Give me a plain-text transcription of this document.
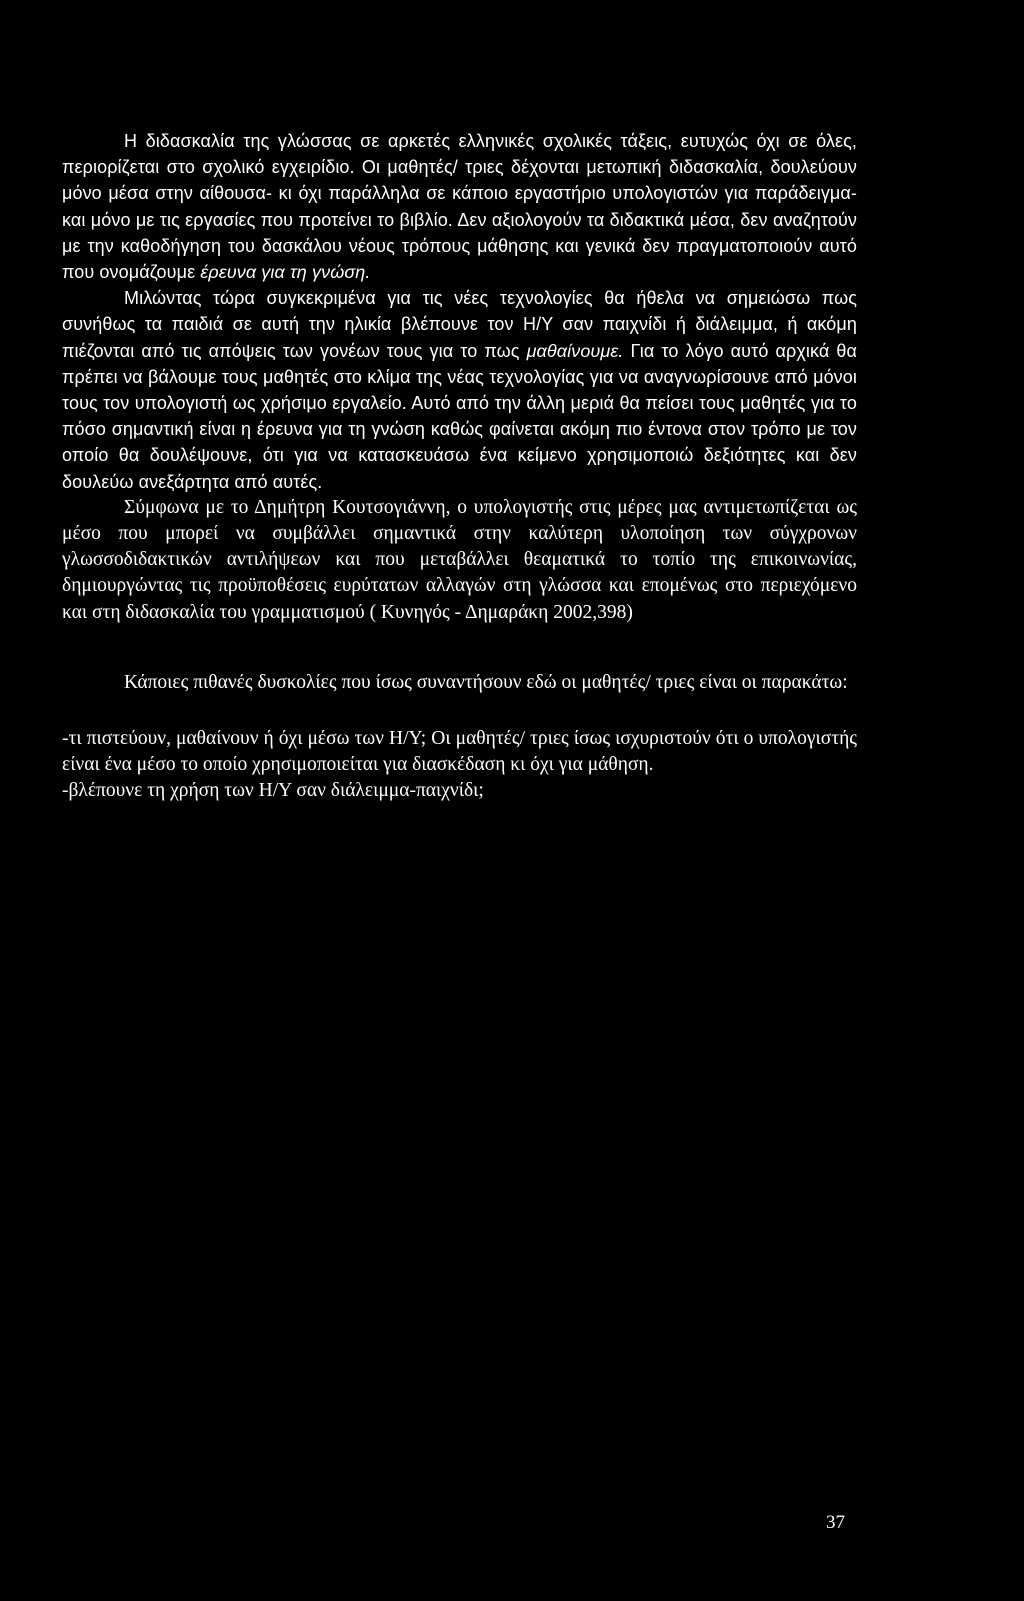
Η διδασκαλία της γλώσσας σε αρκετές ελληνικές σχολικές τάξεις, ευτυχώς όχι σε όλες, περιορίζεται στο σχολικό εγχειρίδιο. Οι μαθητές/ τριες δέχονται μετωπική διδασκαλία, δουλεύουν μόνο μέσα στην αίθουσα- κι όχι παράλληλα σε κάποιο εργαστήριο υπολογιστών για παράδειγμα- και μόνο με τις εργασίες που προτείνει το βιβλίο. Δεν αξιολογούν τα διδακτικά μέσα, δεν αναζητούν με την καθοδήγηση του δασκάλου νέους τρόπους μάθησης και γενικά δεν πραγματοποιούν αυτό που ονομάζουμε έρευνα για τη γνώση.

Μιλώντας τώρα συγκεκριμένα για τις νέες τεχνολογίες θα ήθελα να σημειώσω πως συνήθως τα παιδιά σε αυτή την ηλικία βλέπουνε τον Η/Υ σαν παιχνίδι ή διάλειμμα, ή ακόμη πιέζονται από τις απόψεις των γονέων τους για το πως μαθαίνουμε. Για το λόγο αυτό αρχικά θα πρέπει να βάλουμε τους μαθητές στο κλίμα της νέας τεχνολογίας για να αναγνωρίσουνε από μόνοι τους τον υπολογιστή ως χρήσιμο εργαλείο. Αυτό από την άλλη μεριά θα πείσει τους μαθητές για το πόσο σημαντική είναι η έρευνα για τη γνώση καθώς φαίνεται ακόμη πιο έντονα στον τρόπο με τον οποίο θα δουλέψουνε, ότι για να κατασκευάσω ένα κείμενο χρησιμοποιώ δεξιότητες και δεν δουλεύω ανεξάρτητα από αυτές.

Σύμφωνα με το Δημήτρη Κουτσογιάννη, ο υπολογιστής στις μέρες μας αντιμετωπίζεται ως μέσο που μπορεί να συμβάλλει σημαντικά στην καλύτερη υλοποίηση των σύγχρονων γλωσσοδιδακτικών αντιλήψεων και που μεταβάλλει θεαματικά το τοπίο της επικοινωνίας, δημιουργώντας τις προϋποθέσεις ευρύτατων αλλαγών στη γλώσσα και επομένως στο περιεχόμενο και στη διδασκαλία του γραμματισμού ( Κυνηγός - Δημαράκη 2002,398)

Κάποιες πιθανές δυσκολίες που ίσως συναντήσουν εδώ οι μαθητές/ τριες είναι οι παρακάτω:

-τι πιστεύουν, μαθαίνουν ή όχι μέσω των Η/Υ; Οι μαθητές/ τριες ίσως ισχυριστούν ότι ο υπολογιστής είναι ένα μέσο το οποίο χρησιμοποιείται για διασκέδαση κι όχι για μάθηση.

-βλέπουνε τη χρήση των Η/Υ σαν διάλειμμα-παιχνίδι;

37
